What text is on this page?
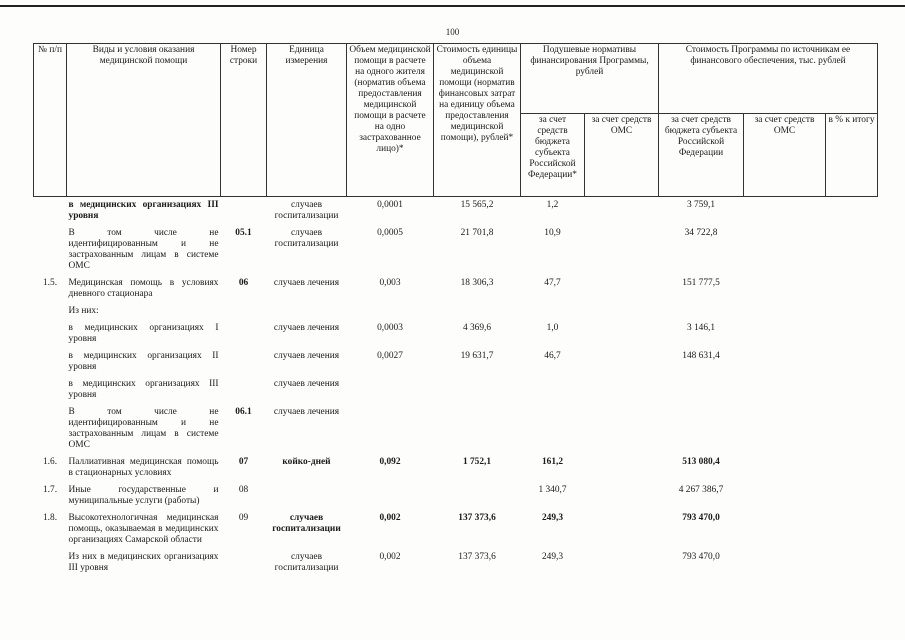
100
№ п/п	Виды и условия оказания медицинской помощи	Номер строки	Единица измерения	Объем медицинской помощи в расчете на одного жителя (норматив объема предоставления медицинской помощи в расчете на одно застрахованное лицо)*	Стоимость единицы объема медицинской помощи (норматив финансовых затрат на единицу объема предоставления медицинской помощи), рублей*	Подушевые нормативы финансирования Программы, рублей		Стоимость Программы по источникам ее финансового обеспечения, тыс. рублей		
						за счет средств бюджета субъекта Российской Федерации*	за счет средств ОМС	за счет средств бюджета субъекта Российской Федерации	за счет средств ОМС	в % к итогу
	в медицинских организациях III уровня		случаев госпитализации	0,0001	15 565,2	1,2		3 759,1		
	В том числе не идентифицированным и не застрахованным лицам в системе ОМС	05.1	случаев госпитализации	0,0005	21 701,8	10,9		34 722,8		
1.5.	Медицинская помощь в условиях дневного стационара	06	случаев лечения	0,003	18 306,3	47,7		151 777,5		
	Из них:									
	в медицинских организациях I уровня		случаев лечения	0,0003	4 369,6	1,0		3 146,1		
	в медицинских организациях II уровня		случаев лечения	0,0027	19 631,7	46,7		148 631,4		
	в медицинских организациях III уровня		случаев лечения							
	В том числе не идентифицированным и не застрахованным лицам в системе ОМС	06.1	случаев лечения							
1.6.	Паллиативная медицинская помощь в стационарных условиях	07	койко-дней	0,092	1 752,1	161,2		513 080,4		
1.7.	Иные государственные и муниципальные услуги (работы)	08				1 340,7		4 267 386,7		
1.8.	Высокотехнологичная медицинская помощь, оказываемая в медицинских организациях Самарской области	09	случаев госпитализации	0,002	137 373,6	249,3		793 470,0		
	Из них в медицинских организациях III уровня		случаев госпитализации	0,002	137 373,6	249,3		793 470,0		
